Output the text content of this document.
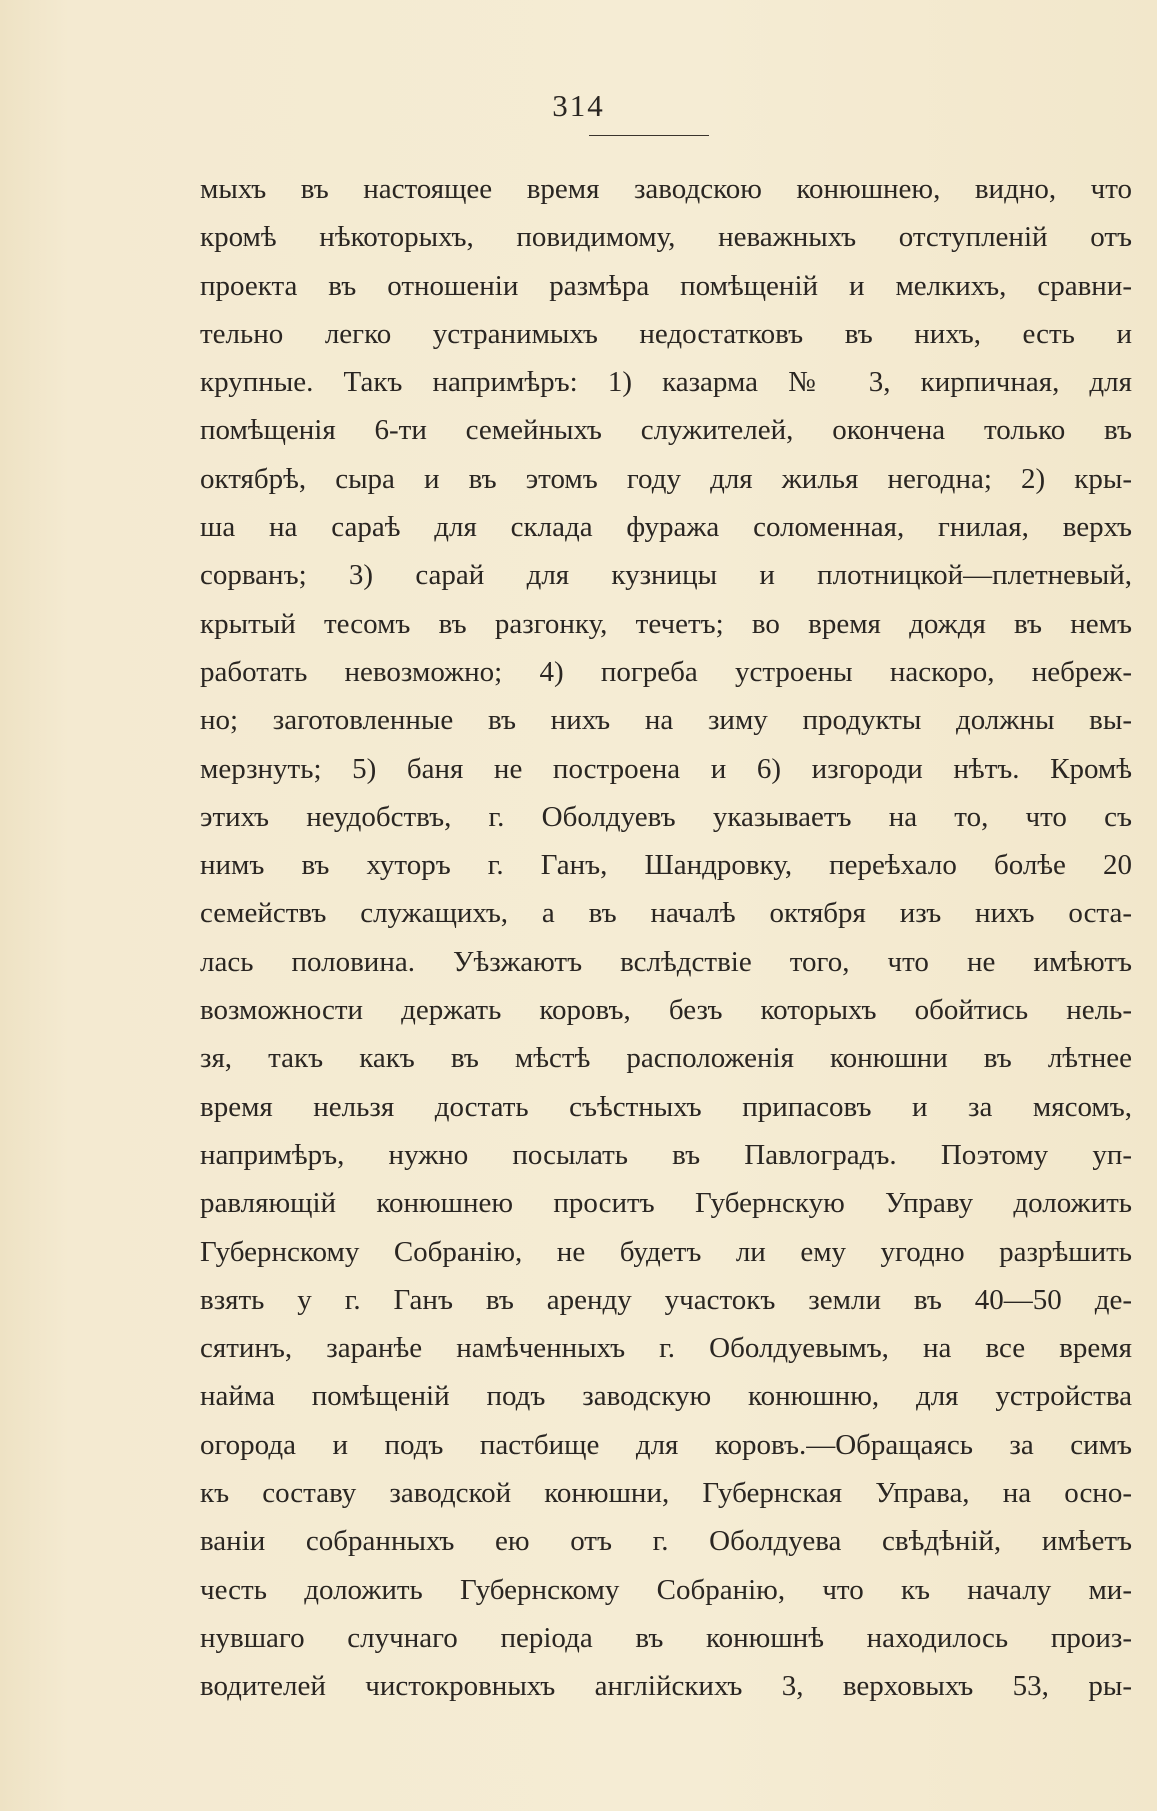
314
мыхъ въ настоящее время заводскою конюшнею, видно, что
кромѣ нѣкоторыхъ, повидимому, неважныхъ отступленій отъ
проекта въ отношеніи размѣра помѣщеній и мелкихъ, сравни-
тельно легко устранимыхъ недостатковъ въ нихъ, есть и
крупные. Такъ напримѣръ: 1) казарма № 3, кирпичная, для
помѣщенія 6-ти семейныхъ служителей, окончена только въ
октябрѣ, сыра и въ этомъ году для жилья негодна; 2) кры-
ша на сараѣ для склада фуража соломенная, гнилая, верхъ
сорванъ; 3) сарай для кузницы и плотницкой—плетневый,
крытый тесомъ въ разгонку, течетъ; во время дождя въ немъ
работать невозможно; 4) погреба устроены наскоро, небреж-
но; заготовленные въ нихъ на зиму продукты должны вы-
мерзнуть; 5) баня не построена и 6) изгороди нѣтъ. Кромѣ
этихъ неудобствъ, г. Оболдуевъ указываетъ на то, что съ
нимъ въ хуторъ г. Ганъ, Шандровку, переѣхало болѣе 20
семействъ служащихъ, а въ началѣ октября изъ нихъ оста-
лась половина. Уѣзжаютъ вслѣдствіе того, что не имѣютъ
возможности держать коровъ, безъ которыхъ обойтись нель-
зя, такъ какъ въ мѣстѣ расположенія конюшни въ лѣтнее
время нельзя достать съѣстныхъ припасовъ и за мясомъ,
напримѣръ, нужно посылать въ Павлоградъ. Поэтому уп-
равляющій конюшнею проситъ Губернскую Управу доложить
Губернскому Собранію, не будетъ ли ему угодно разрѣшить
взять у г. Ганъ въ аренду участокъ земли въ 40—50 де-
сятинъ, заранѣе намѣченныхъ г. Оболдуевымъ, на все время
найма помѣщеній подъ заводскую конюшню, для устройства
огорода и подъ пастбище для коровъ.—Обращаясь за симъ
къ составу заводской конюшни, Губернская Управа, на осно-
ваніи собранныхъ ею отъ г. Оболдуева свѣдѣній, имѣетъ
честь доложить Губернскому Собранію, что къ началу ми-
нувшаго случнаго періода въ конюшнѣ находилось произ-
водителей чистокровныхъ англійскихъ 3, верховыхъ 53, ры-
